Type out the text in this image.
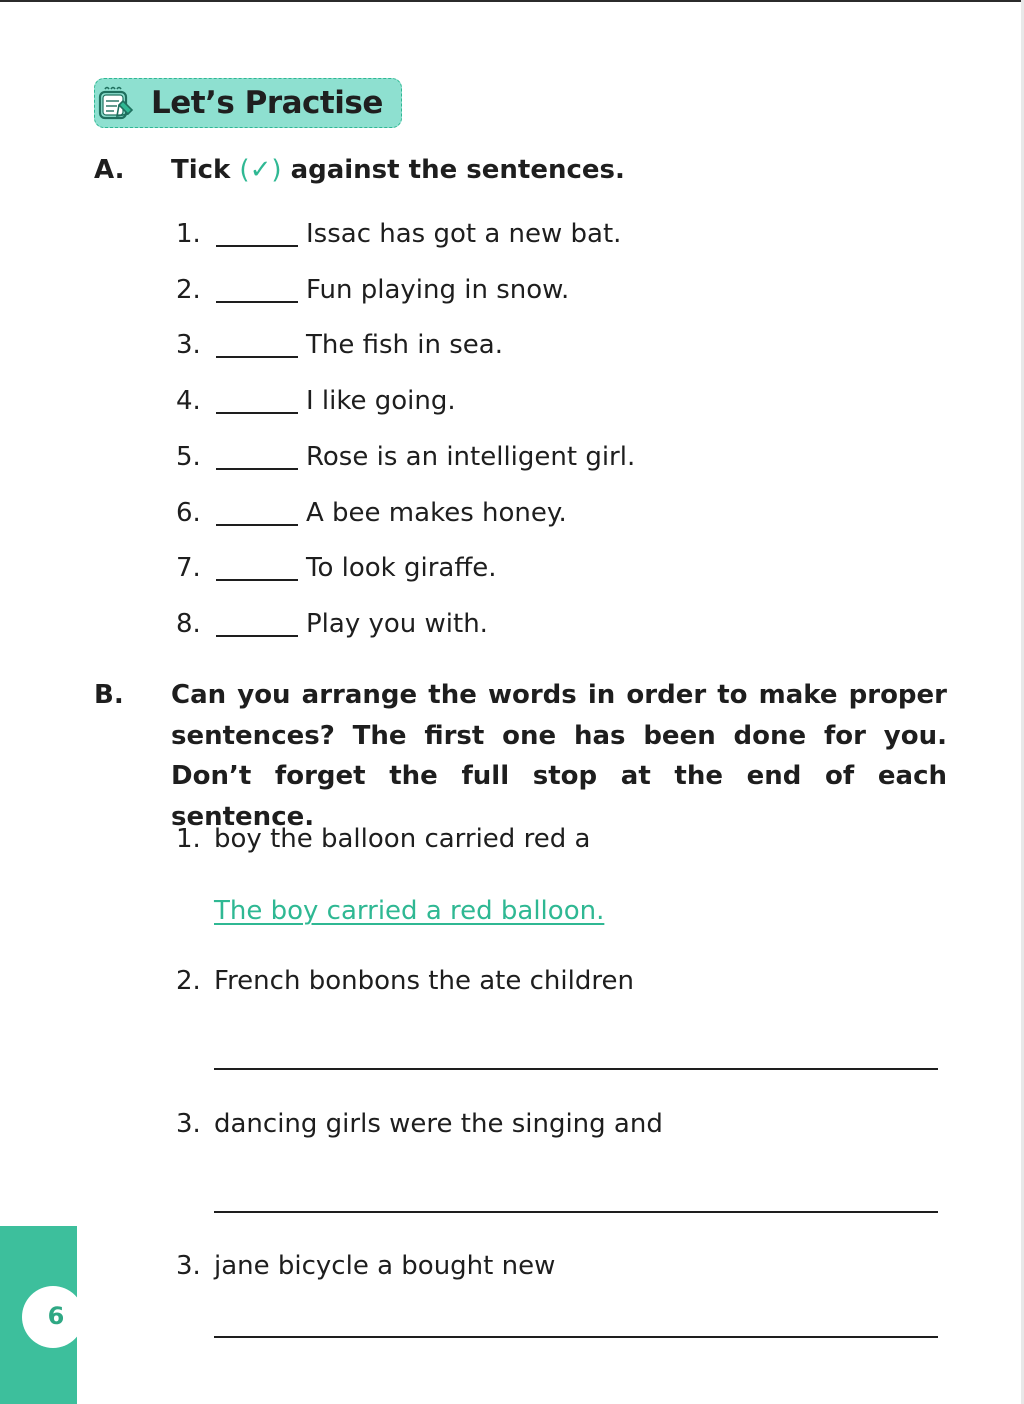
Let’s Practise
A. Tick (✓) against the sentences.
1.	Issac has got a new bat.
2.	Fun playing in snow.
3.	The fish in sea.
4.	I like going.
5.	Rose is an intelligent girl.
6.	A bee makes honey.
7.	To look giraffe.
8.	Play you with.
B. Can you arrange the words in order to make proper sentences? The first one has been done for you. Don’t forget the full stop at the end of each sentence.
1. boy the balloon carried red a
The boy carried a red balloon.
2. French bonbons the ate children
3. dancing girls were the singing and
3. jane bicycle a bought new
6
